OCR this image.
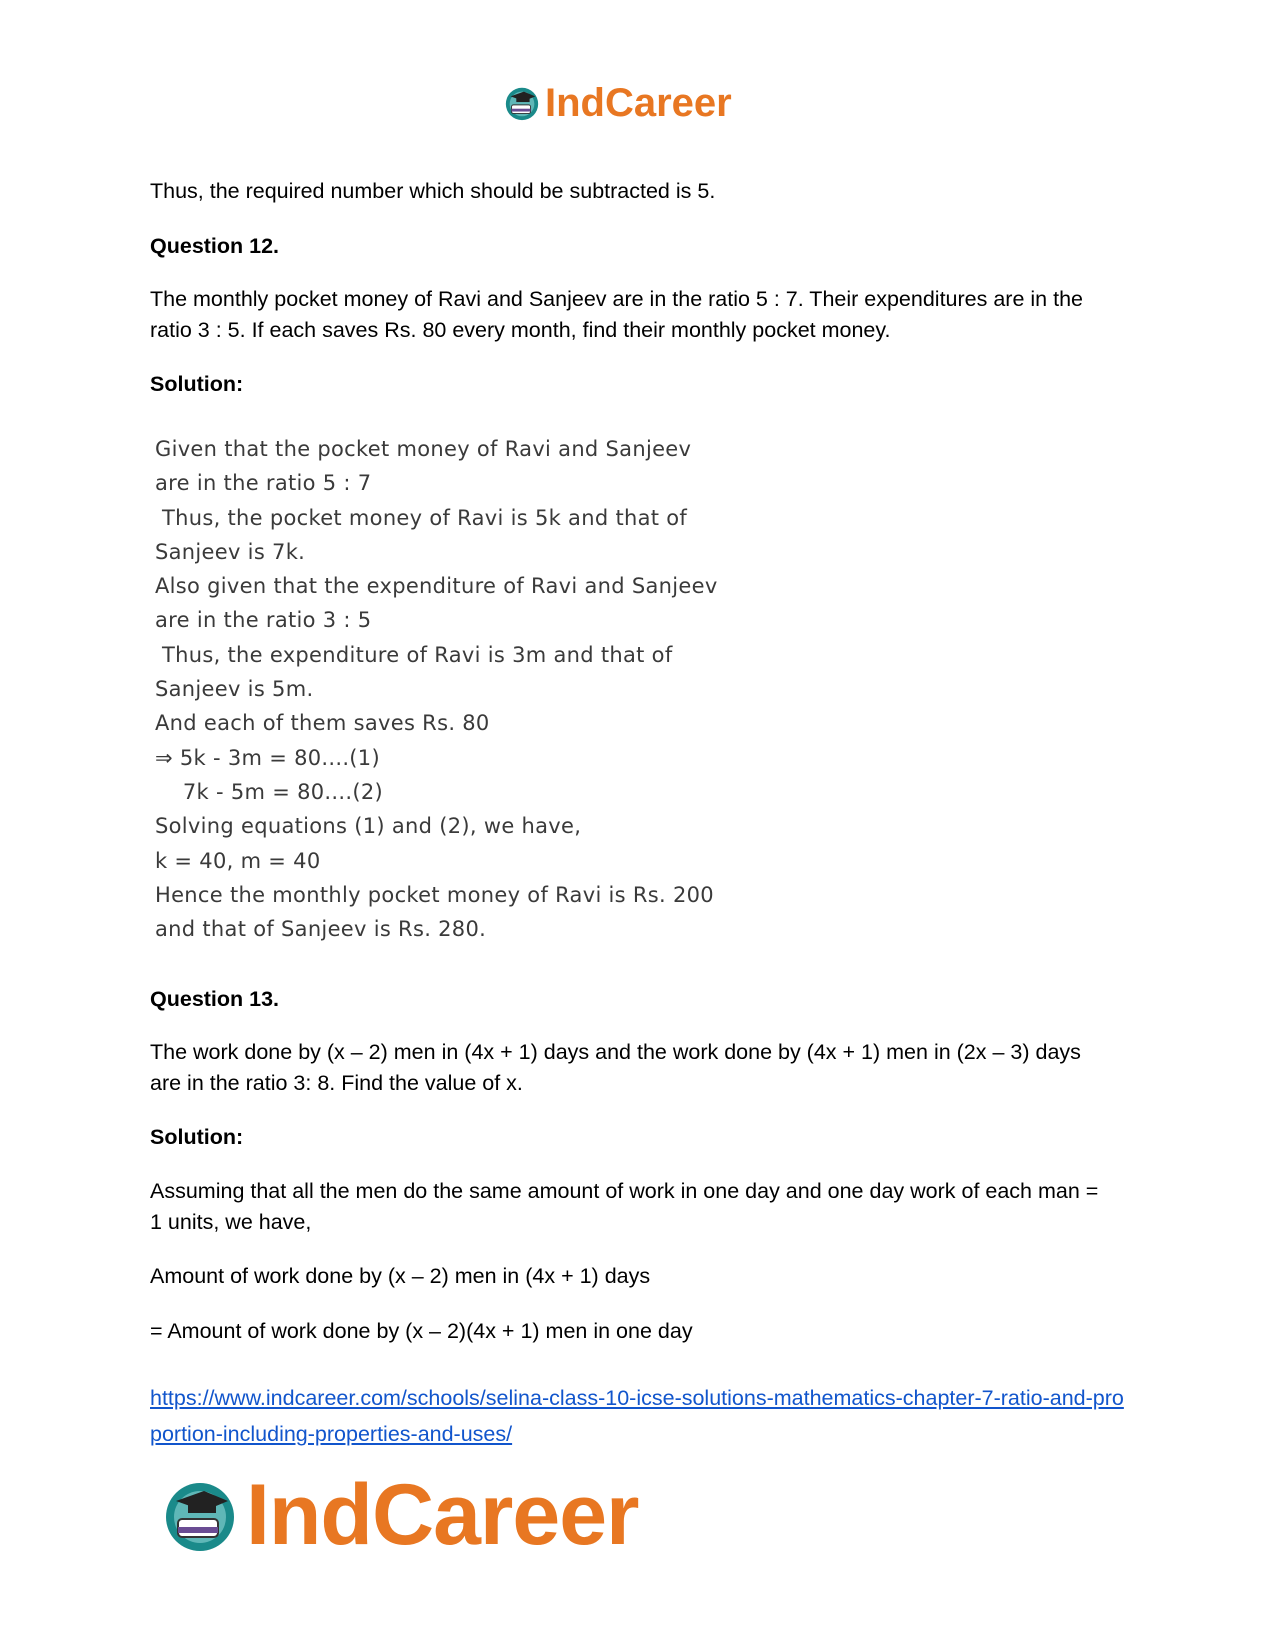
IndCareer

Thus, the required number which should be subtracted is 5.

Question 12.

The monthly pocket money of Ravi and Sanjeev are in the ratio 5 : 7. Their expenditures are in the ratio 3 : 5. If each saves Rs. 80 every month, find their monthly pocket money.

Solution:

Given that the pocket money of Ravi and Sanjeev
are in the ratio 5 : 7
Thus, the pocket money of Ravi is 5k and that of
Sanjeev is 7k.
Also given that the expenditure of Ravi and Sanjeev
are in the ratio 3 : 5
Thus, the expenditure of Ravi is 3m and that of
Sanjeev is 5m.
And each of them saves Rs. 80
⇒ 5k - 3m = 80....(1)
7k - 5m = 80....(2)
Solving equations (1) and (2), we have,
k = 40, m = 40
Hence the monthly pocket money of Ravi is Rs. 200
and that of Sanjeev is Rs. 280.

Question 13.

The work done by (x – 2) men in (4x + 1) days and the work done by (4x + 1) men in (2x – 3) days are in the ratio 3: 8. Find the value of x.

Solution:

Assuming that all the men do the same amount of work in one day and one day work of each man = 1 units, we have,

Amount of work done by (x – 2) men in (4x + 1) days

= Amount of work done by (x – 2)(4x + 1) men in one day

https://www.indcareer.com/schools/selina-class-10-icse-solutions-mathematics-chapter-7-ratio-and-proportion-including-properties-and-uses/
IndCareer
